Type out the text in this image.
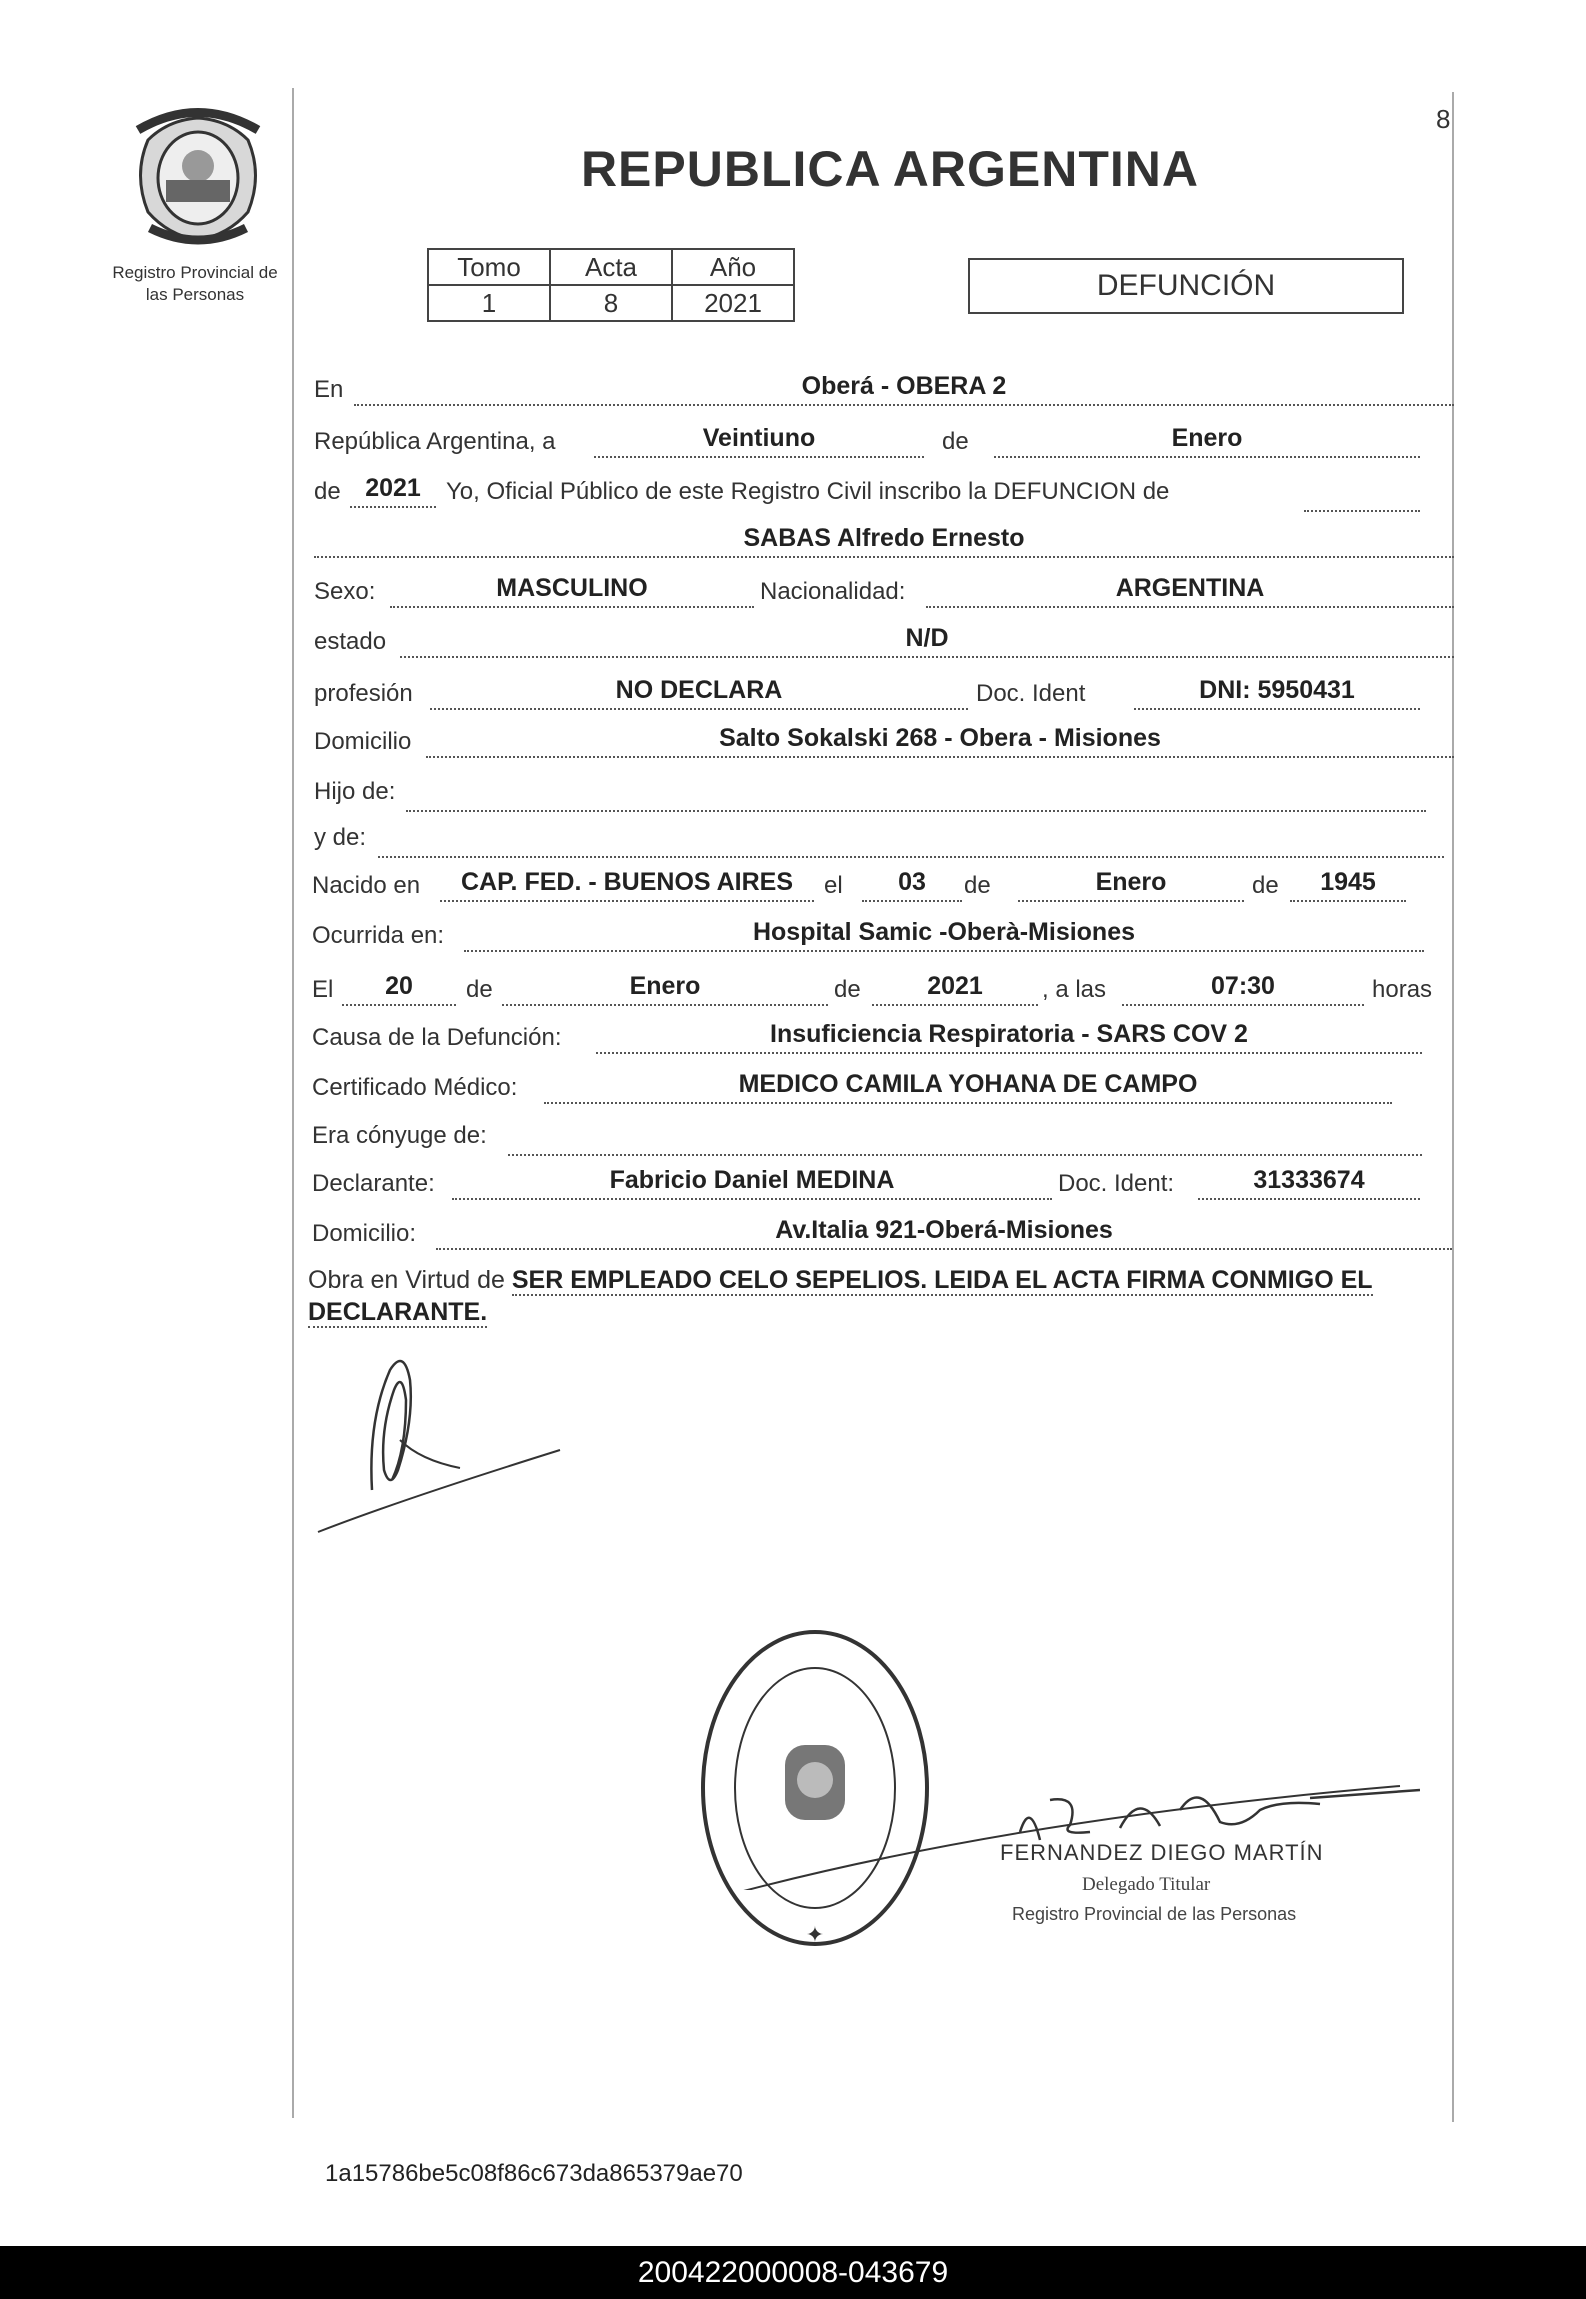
Registro Provincial de
las Personas
REPUBLICA ARGENTINA
8
Tomo	Acta	Año
1	8	2021
DEFUNCIÓN
En	Oberá - OBERA 2
República Argentina, a	Veintiuno	de	Enero
de 2021	Yo, Oficial Público de este Registro Civil inscribo la DEFUNCION de
SABAS Alfredo Ernesto
Sexo:	MASCULINO	Nacionalidad:	ARGENTINA
estado	N/D
profesión	NO DECLARA	Doc. Ident	DNI: 5950431
Domicilio	Salto Sokalski 268 - Obera - Misiones
Hijo de:
y de:
Nacido en	CAP. FED. - BUENOS AIRES	el	03	de	Enero	de	1945
Ocurrida en:	Hospital Samic -Oberà-Misiones
El	20	de	Enero	de	2021	, a las	07:30	horas
Causa de la Defunción:	Insuficiencia Respiratoria - SARS COV 2
Certificado Médico:	MEDICO CAMILA YOHANA DE CAMPO
Era cónyuge de:
Declarante:	Fabricio Daniel MEDINA	Doc. Ident:	31333674
Domicilio:	Av.Italia 921-Oberá-Misiones
Obra en Virtud de SER EMPLEADO CELO SEPELIOS. LEIDA EL ACTA FIRMA CONMIGO EL DECLARANTE.
✦
FERNANDEZ DIEGO MARTÍN
Delegado Titular
Registro Provincial de las Personas
1a15786be5c08f86c673da865379ae70
200422000008-043679
